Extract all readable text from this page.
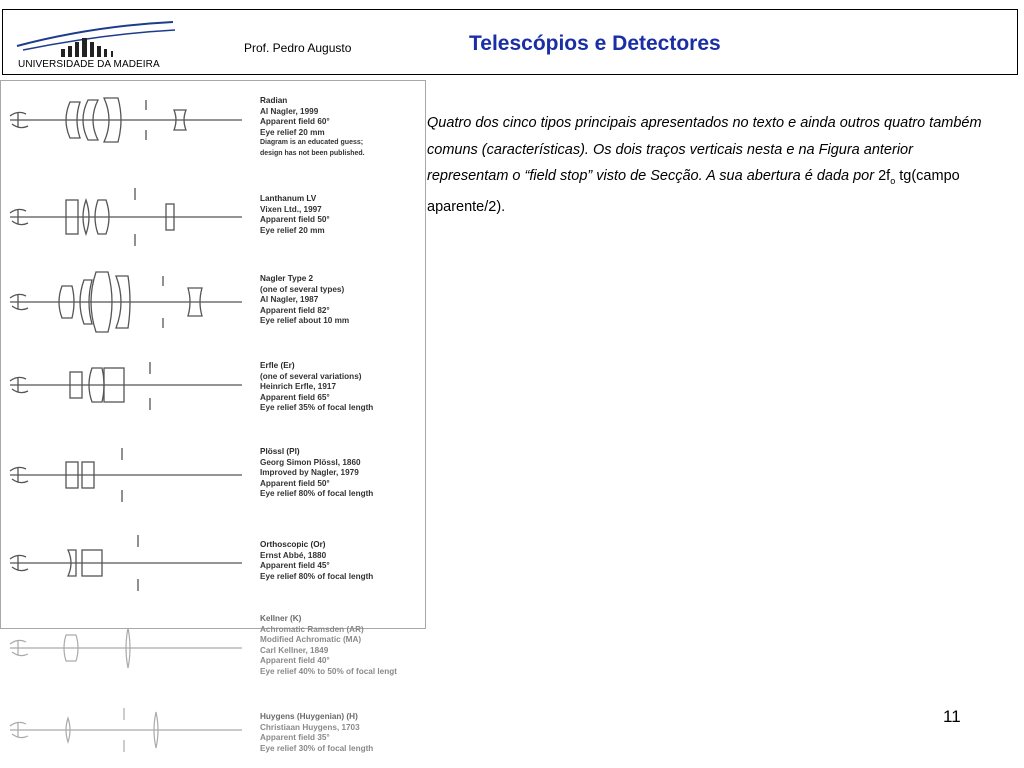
UNIVERSIDADE DA MADEIRA
Prof. Pedro Augusto	Telescópios e Detectores
Radian
Al Nagler, 1999
Apparent field 60°
Eye relief 20 mm
Diagram is an educated guess;
design has not been published.
Lanthanum LV
Vixen Ltd., 1997
Apparent field 50°
Eye relief 20 mm
Nagler Type 2
(one of several types)
Al Nagler, 1987
Apparent field 82°
Eye relief about 10 mm
Erfle (Er)
(one of several variations)
Heinrich Erfle, 1917
Apparent field 65°
Eye relief 35% of focal length
Plössl (Pl)
Georg Simon Plössl, 1860
Improved by Nagler, 1979
Apparent field 50°
Eye relief 80% of focal length
Orthoscopic (Or)
Ernst Abbé, 1880
Apparent field 45°
Eye relief 80% of focal length
Kellner (K)
Achromatic Ramsden (AR)
Modified Achromatic (MA)
Carl Kellner, 1849
Apparent field 40°
Eye relief 40% to 50% of focal lengt
Huygens (Huygenian) (H)
Christiaan Huygens, 1703
Apparent field 35°
Eye relief 30% of focal length
Quatro dos cinco tipos principais apresentados no texto e ainda outros quatro também comuns (características). Os dois traços verticais nesta e na Figura anterior representam o “field stop” visto de Secção. A sua abertura é dada por $2f_o$ tg(campo aparente/2).
11
